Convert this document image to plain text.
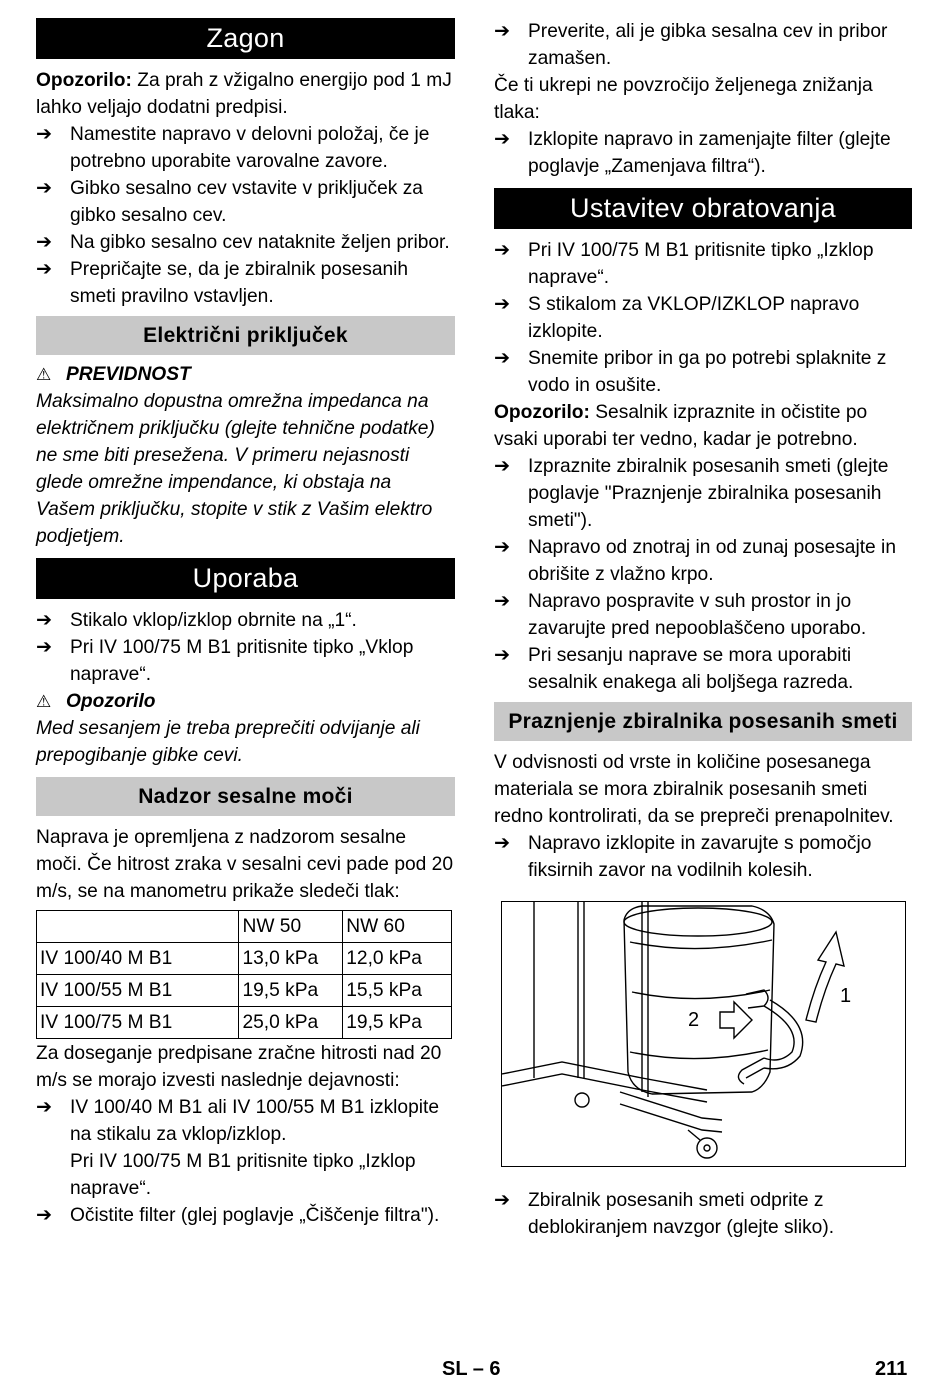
Zagon

Opozorilo: Za prah z vžigalno energijo pod 1 mJ lahko veljajo dodatni predpisi.

➔ Namestite napravo v delovni položaj, če je potrebno uporabite varovalne zavore.
➔ Gibko sesalno cev vstavite v priključek za gibko sesalno cev.
➔ Na gibko sesalno cev nataknite željen pribor.
➔ Prepričajte se, da je zbiralnik posesanih smeti pravilno vstavljen.
Električni priključek
⚠ PREVIDNOST

Maksimalno dopustna omrežna impedanca na električnem priključku (glejte tehnične podatke) ne sme biti presežena. V primeru nejasnosti glede omrežne impendance, ki obstaja na Vašem priključku, stopite v stik z Vašim elektro podjetjem.

Uporaba
➔ Stikalo vklop/izklop obrnite na „1“.
➔ Pri IV 100/75 M B1 pritisnite tipko „Vklop naprave“.
⚠ Opozorilo

Med sesanjem je treba preprečiti odvijanje ali prepogibanje gibke cevi.

Nadzor sesalne moči

Naprava je opremljena z nadzorom sesalne moči. Če hitrost zraka v sesalni cevi pade pod 20 m/s, se na manometru prikaže sledeči tlak:

	NW 50	NW 60
IV 100/40 M B1	13,0 kPa	12,0 kPa
IV 100/55 M B1	19,5 kPa	15,5 kPa
IV 100/75 M B1	25,0 kPa	19,5 kPa

Za doseganje predpisane zračne hitrosti nad 20 m/s se morajo izvesti naslednje dejavnosti:

➔ IV 100/40 M B1 ali IV 100/55 M B1 izklopite na stikalu za vklop/izklop.
Pri IV 100/75 M B1 pritisnite tipko „Izklop naprave“.
➔ Očistite filter (glej poglavje „Čiščenje filtra").
➔ Preverite, ali je gibka sesalna cev in pribor zamašen.

Če ti ukrepi ne povzročijo željenega znižanja tlaka:

➔ Izklopite napravo in zamenjajte filter (glejte poglavje „Zamenjava filtra“).
Ustavitev obratovanja
➔ Pri IV 100/75 M B1 pritisnite tipko „Izklop naprave“.
➔ S stikalom za VKLOP/IZKLOP napravo izklopite.
➔ Snemite pribor in ga po potrebi splaknite z vodo in osušite.

Opozorilo: Sesalnik izpraznite in očistite po vsaki uporabi ter vedno, kadar je potrebno.

➔ Izpraznite zbiralnik posesanih smeti (glejte poglavje "Praznjenje zbiralnika posesanih smeti").
➔ Napravo od znotraj in od zunaj posesajte in obrišite z vlažno krpo.
➔ Napravo pospravite v suh prostor in jo zavarujte pred nepooblaščeno uporabo.
➔ Pri sesanju naprave se mora uporabiti sesalnik enakega ali boljšega razreda.
Praznjenje zbiralnika posesanih smeti

V odvisnosti od vrste in količine posesanega materiala se mora zbiralnik posesanih smeti redno kontrolirati, da se prepreči prenapolnitev.

➔ Napravo izklopite in zavarujte s pomočjo fiksirnih zavor na vodilnih kolesih.
2
1
➔ Zbiralnik posesanih smeti odprite z deblokiranjem navzgor (glejte sliko).
SL – 6	211
